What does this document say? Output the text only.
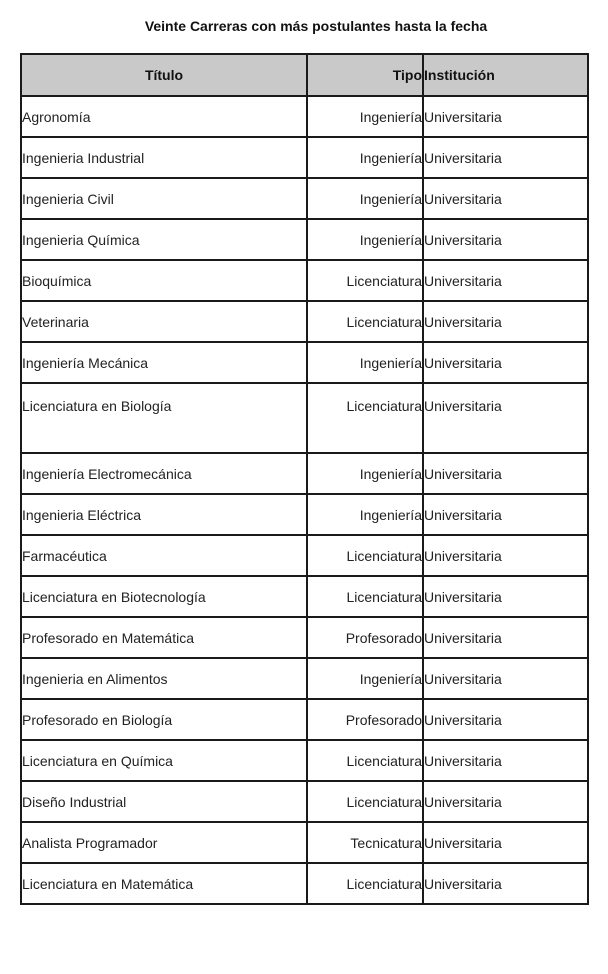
Veinte Carreras con más postulantes hasta la fecha
Título	Tipo	Institución
Agronomía	Ingeniería	Universitaria
Ingenieria Industrial	Ingeniería	Universitaria
Ingenieria Civil	Ingeniería	Universitaria
Ingenieria Química	Ingeniería	Universitaria
Bioquímica	Licenciatura	Universitaria
Veterinaria	Licenciatura	Universitaria
Ingeniería Mecánica	Ingeniería	Universitaria
Licenciatura en Biología	Licenciatura	Universitaria
Ingeniería Electromecánica	Ingeniería	Universitaria
Ingenieria Eléctrica	Ingeniería	Universitaria
Farmacéutica	Licenciatura	Universitaria
Licenciatura en Biotecnología	Licenciatura	Universitaria
Profesorado en Matemática	Profesorado	Universitaria
Ingenieria en Alimentos	Ingeniería	Universitaria
Profesorado en Biología	Profesorado	Universitaria
Licenciatura en Química	Licenciatura	Universitaria
Diseño Industrial	Licenciatura	Universitaria
Analista Programador	Tecnicatura	Universitaria
Licenciatura en Matemática	Licenciatura	Universitaria
